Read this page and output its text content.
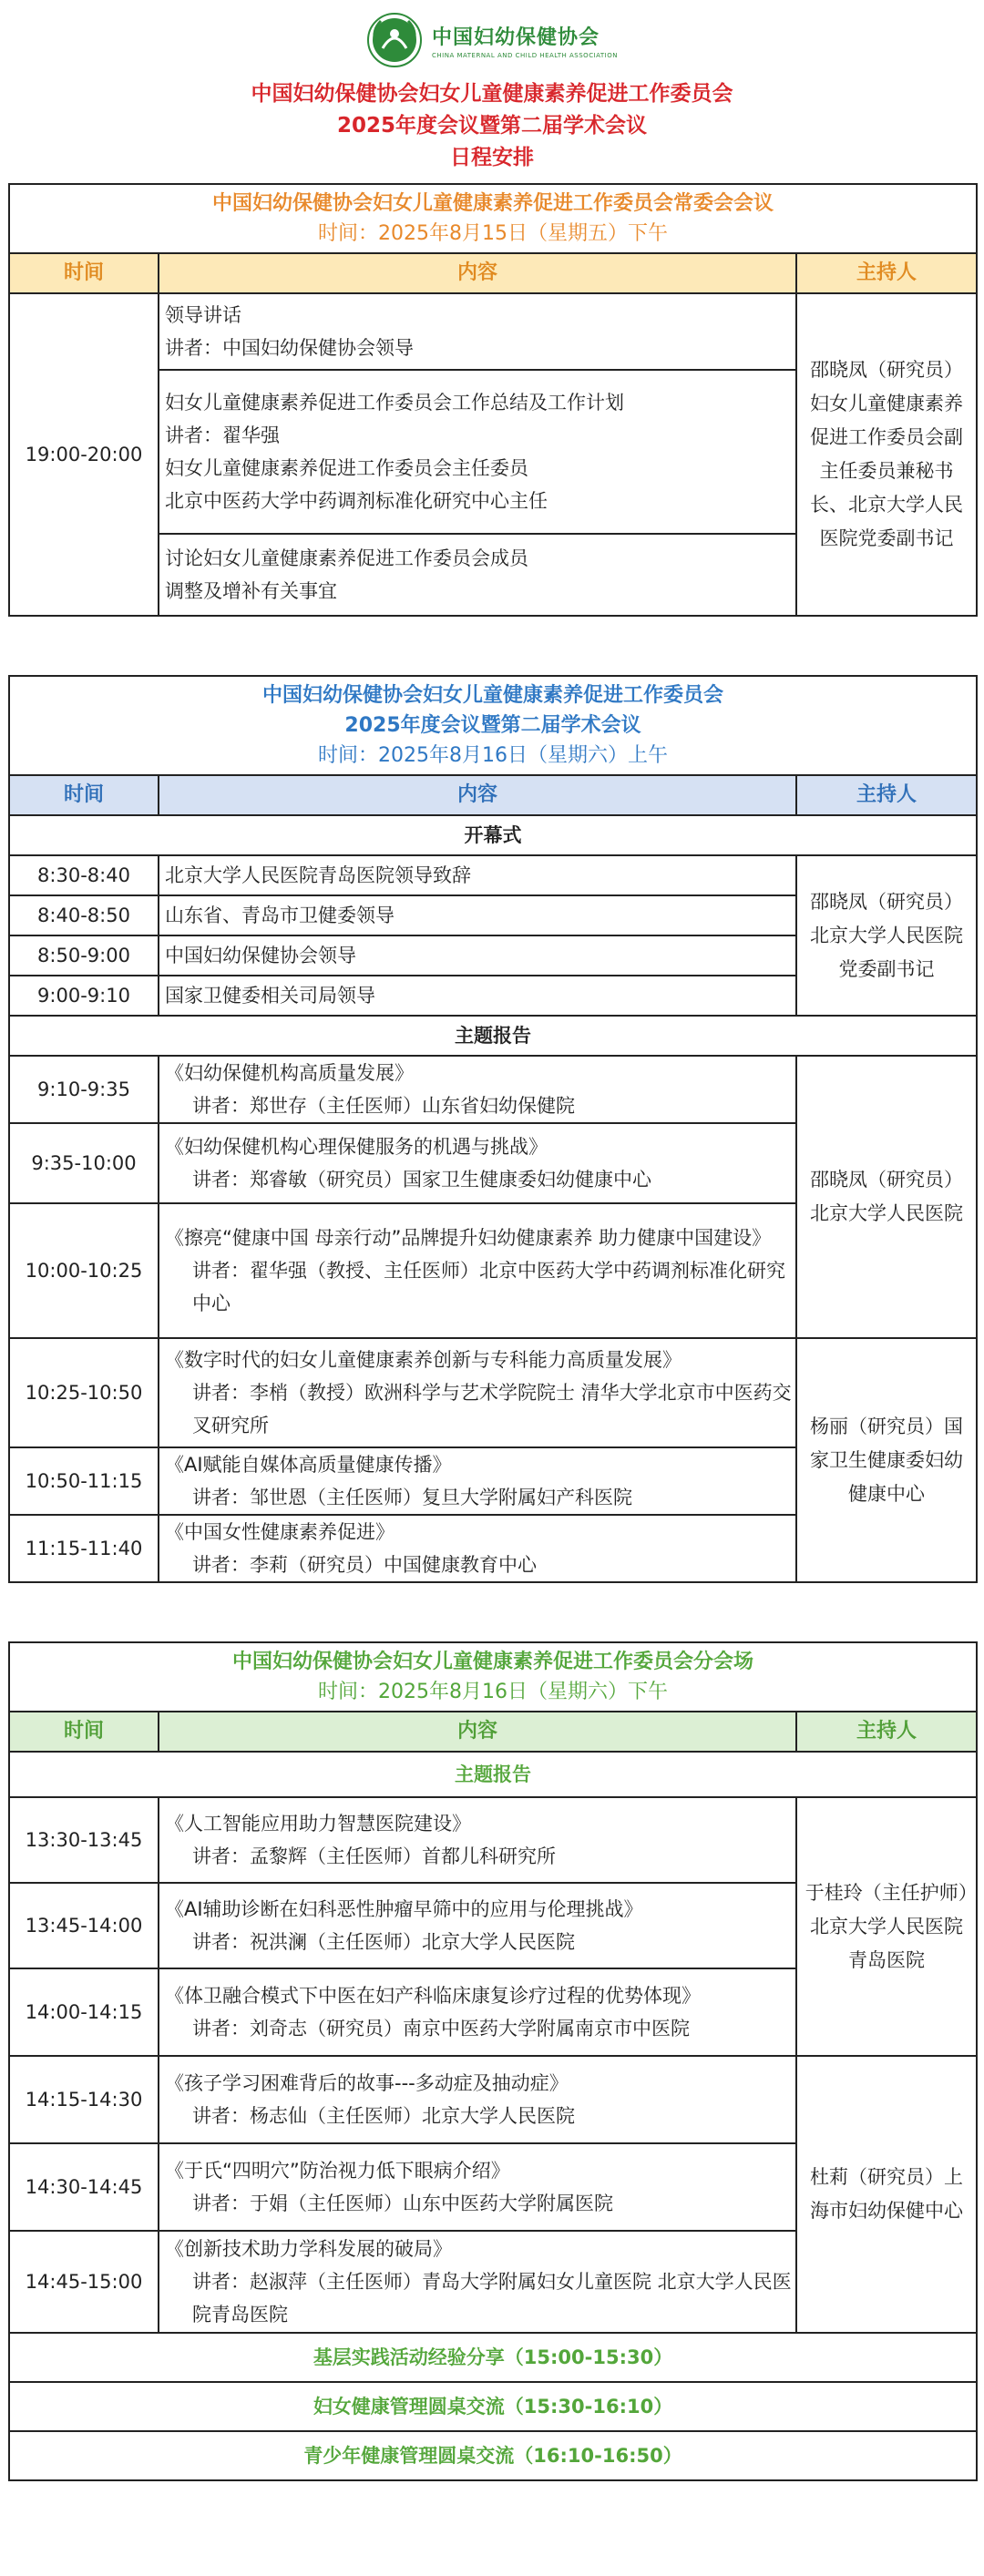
中国妇幼保健协会
CHINA MATERNAL AND CHILD HEALTH ASSOCIATION
中国妇幼保健协会妇女儿童健康素养促进工作委员会
2025年度会议暨第二届学术会议
日程安排
中国妇幼保健协会妇女儿童健康素养促进工作委员会常委会会议
时间：2025年8月15日（星期五）下午		

时间	内容	主持人
19:00-20:00	领导讲话
讲者：中国妇幼保健协会领导	邵晓凤（研究员）妇女儿童健康素养促进工作委员会副主任委员兼秘书长、北京大学人民医院党委副书记

	妇女儿童健康素养促进工作委员会工作总结及工作计划
讲者：翟华强
妇女儿童健康素养促进工作委员会主任委员
北京中医药大学中药调剂标准化研究中心主任	

	讨论妇女儿童健康素养促进工作委员会成员
调整及增补有关事宜	
中国妇幼保健协会妇女儿童健康素养促进工作委员会
2025年度会议暨第二届学术会议
时间：2025年8月16日（星期六）上午		

时间	内容	主持人
开幕式		
8:30-8:40	北京大学人民医院青岛医院领导致辞	邵晓凤（研究员）北京大学人民医院党委副书记
8:40-8:50	山东省、青岛市卫健委领导	
8:50-9:00	中国妇幼保健协会领导	
9:00-9:10	国家卫健委相关司局领导	
主题报告		
9:10-9:35	《妇幼保健机构高质量发展》
讲者：郑世存（主任医师）山东省妇幼保健院	邵晓凤（研究员）北京大学人民医院
9:35-10:00	《妇幼保健机构心理保健服务的机遇与挑战》
讲者：郑睿敏（研究员）国家卫生健康委妇幼健康中心	

10:00-10:25	《擦亮“健康中国 母亲行动”品牌提升妇幼健康素养 助力健康中国建设》
讲者：翟华强（教授、主任医师）北京中医药大学中药调剂标准化研究中心	

10:25-10:50	《数字时代的妇女儿童健康素养创新与专科能力高质量发展》
讲者：李梢（教授）欧洲科学与艺术学院院士 清华大学北京市中医药交叉研究所	杨丽（研究员）国家卫生健康委妇幼健康中心
10:50-11:15	《AI赋能自媒体高质量健康传播》
讲者：邹世恩（主任医师）复旦大学附属妇产科医院	

11:15-11:40	《中国女性健康素养促进》
讲者：李莉（研究员）中国健康教育中心	
中国妇幼保健协会妇女儿童健康素养促进工作委员会分会场
时间：2025年8月16日（星期六）下午		

时间	内容	主持人
主题报告		
13:30-13:45	《人工智能应用助力智慧医院建设》
讲者：孟黎辉（主任医师）首都儿科研究所	于桂玲（主任护师）北京大学人民医院青岛医院
13:45-14:00	《AI辅助诊断在妇科恶性肿瘤早筛中的应用与伦理挑战》
讲者：祝洪澜（主任医师）北京大学人民医院	

14:00-14:15	《体卫融合模式下中医在妇产科临床康复诊疗过程的优势体现》
讲者：刘奇志（研究员）南京中医药大学附属南京市中医院	

14:15-14:30	《孩子学习困难背后的故事---多动症及抽动症》
讲者：杨志仙（主任医师）北京大学人民医院	杜莉（研究员）上海市妇幼保健中心
14:30-14:45	《于氏“四明穴”防治视力低下眼病介绍》
讲者：于娟（主任医师）山东中医药大学附属医院	

14:45-15:00	《创新技术助力学科发展的破局》
讲者：赵淑萍（主任医师）青岛大学附属妇女儿童医院 北京大学人民医院青岛医院	

基层实践活动经验分享（15:00-15:30）		
妇女健康管理圆桌交流（15:30-16:10）		
青少年健康管理圆桌交流（16:10-16:50）		
